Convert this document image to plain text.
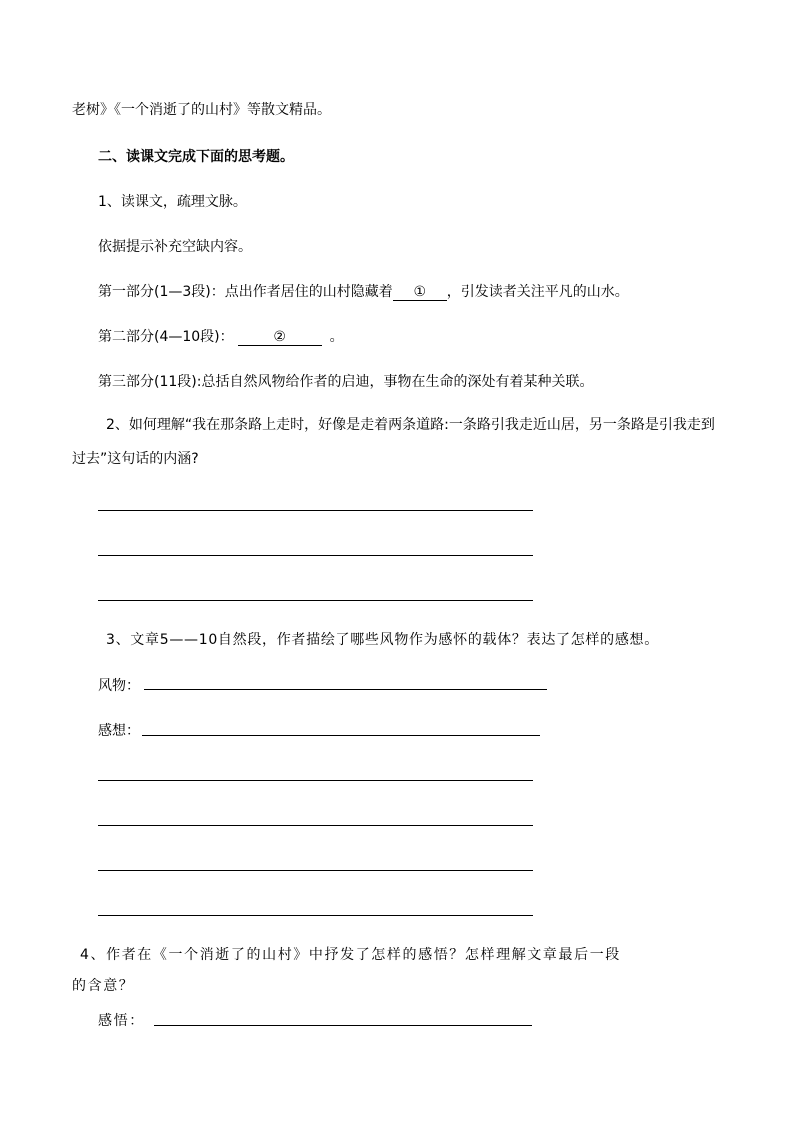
老树》《一个消逝了的山村》等散文精品。
二、读课文完成下面的思考题。
1、读课文，疏理文脉。
依据提示补充空缺内容。
第一部分(1—3段)：点出作者居住的山村隐藏着 ① ，引发读者关注平凡的山水。
第二部分(4—10段)：	②	。
第三部分(11段):总括自然风物给作者的启迪，事物在生命的深处有着某种关联。
2、如何理解“我在那条路上走时，好像是走着两条道路:一条路引我走近山居，另一条路是引我走到
过去”这句话的内涵?
3、文章5——10自然段，作者描绘了哪些风物作为感怀的载体？表达了怎样的感想。
风物：
感想：
4、作者在《一个消逝了的山村》中抒发了怎样的感悟？怎样理解文章最后一段
的含意？
感悟：
